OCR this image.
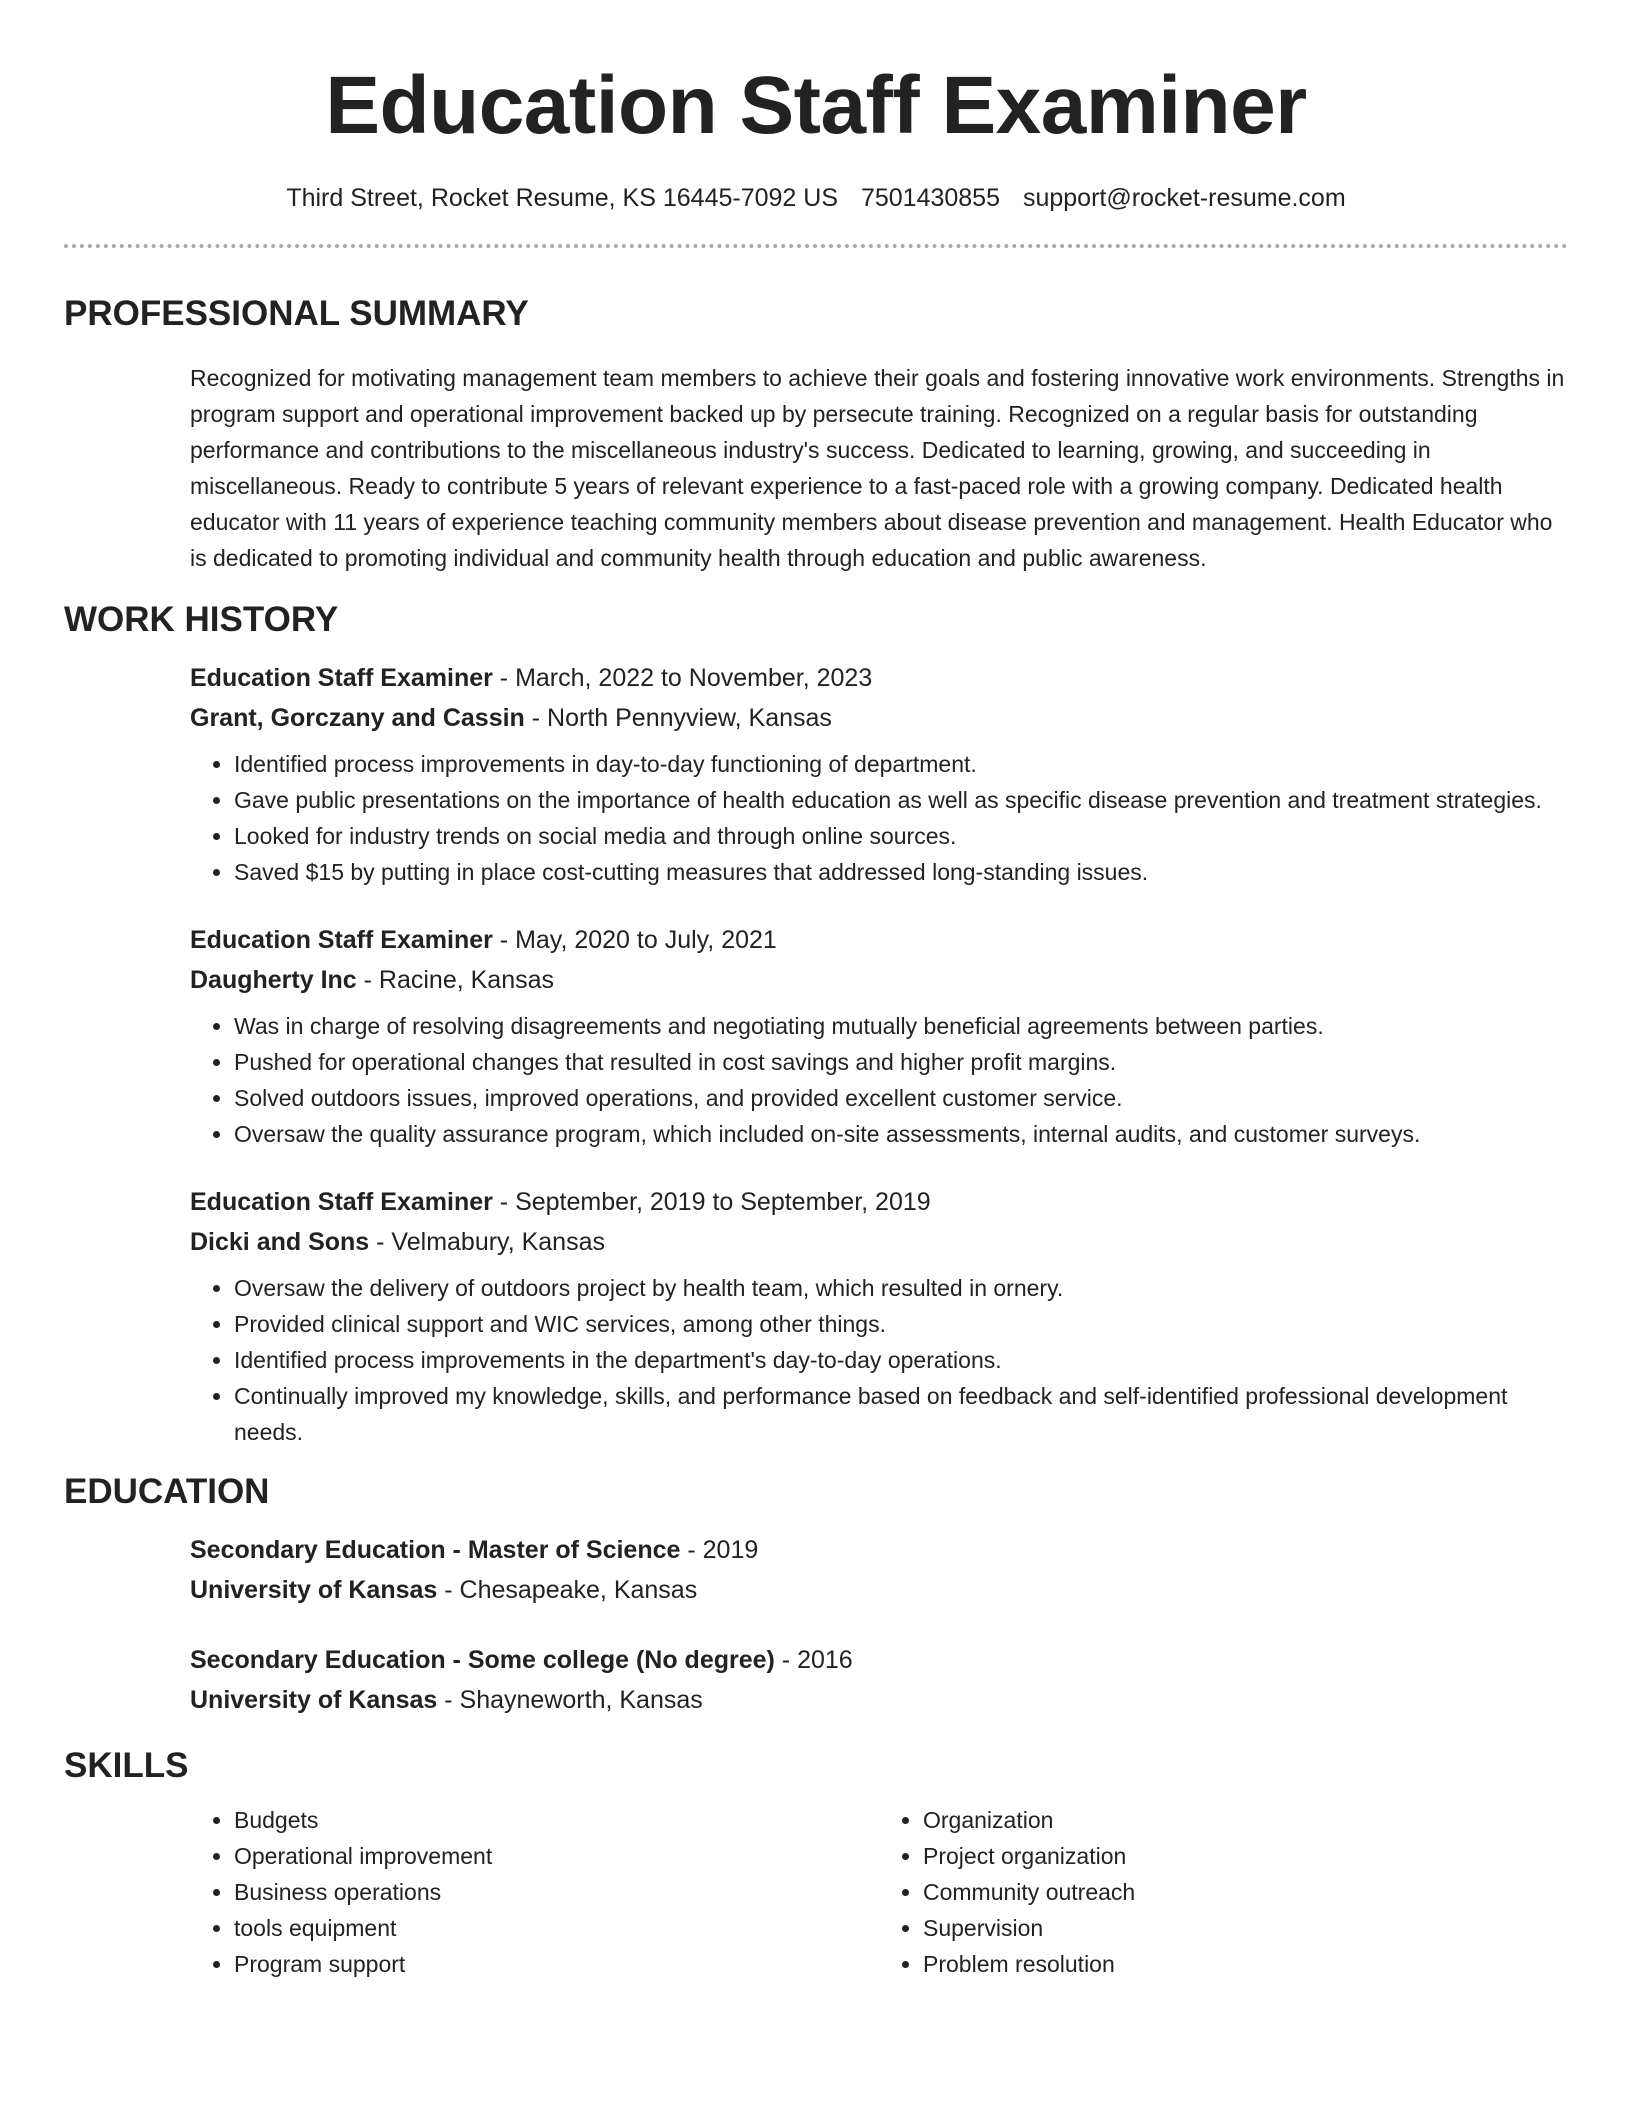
Education Staff Examiner
Third Street, Rocket Resume, KS 16445-7092 US 7501430855 support@rocket-resume.com
PROFESSIONAL SUMMARY

Recognized for motivating management team members to achieve their goals and fostering innovative work environments. Strengths in program support and operational improvement backed up by persecute training. Recognized on a regular basis for outstanding performance and contributions to the miscellaneous industry's success. Dedicated to learning, growing, and succeeding in miscellaneous. Ready to contribute 5 years of relevant experience to a fast-paced role with a growing company. Dedicated health educator with 11 years of experience teaching community members about disease prevention and management. Health Educator who is dedicated to promoting individual and community health through education and public awareness.

WORK HISTORY

Education Staff Examiner - March, 2022 to November, 2023

Grant, Gorczany and Cassin - North Pennyview, Kansas

• Identified process improvements in day-to-day functioning of department.
• Gave public presentations on the importance of health education as well as specific disease prevention and treatment strategies.
• Looked for industry trends on social media and through online sources.
• Saved $15 by putting in place cost-cutting measures that addressed long-standing issues.

Education Staff Examiner - May, 2020 to July, 2021

Daugherty Inc - Racine, Kansas

• Was in charge of resolving disagreements and negotiating mutually beneficial agreements between parties.
• Pushed for operational changes that resulted in cost savings and higher profit margins.
• Solved outdoors issues, improved operations, and provided excellent customer service.
• Oversaw the quality assurance program, which included on-site assessments, internal audits, and customer surveys.

Education Staff Examiner - September, 2019 to September, 2019

Dicki and Sons - Velmabury, Kansas

• Oversaw the delivery of outdoors project by health team, which resulted in ornery.
• Provided clinical support and WIC services, among other things.
• Identified process improvements in the department's day-to-day operations.
• Continually improved my knowledge, skills, and performance based on feedback and self-identified professional development needs.
EDUCATION

Secondary Education - Master of Science - 2019

University of Kansas - Chesapeake, Kansas

Secondary Education - Some college (No degree) - 2016

University of Kansas - Shayneworth, Kansas

SKILLS
• Budgets
• Operational improvement
• Business operations
• tools equipment
• Program support
• Organization
• Project organization
• Community outreach
• Supervision
• Problem resolution
